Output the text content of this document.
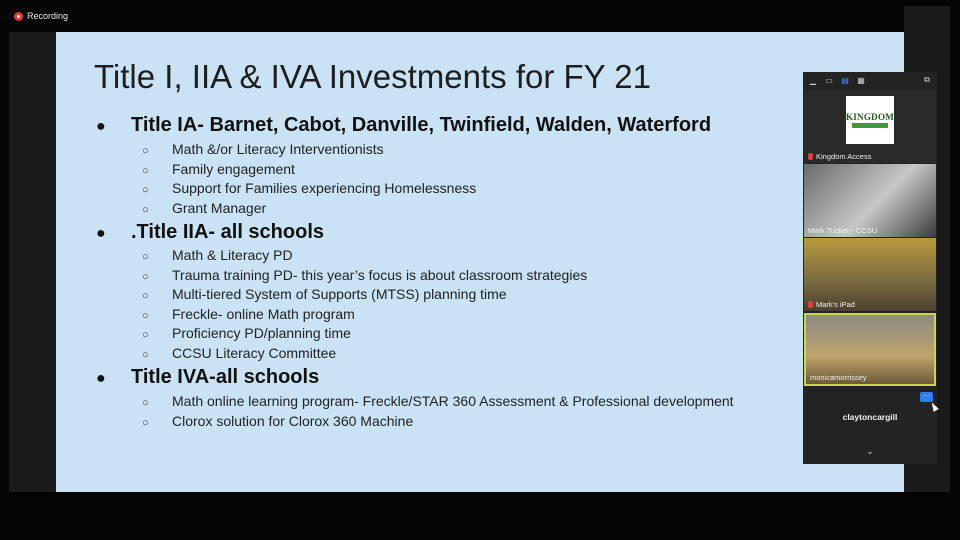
Recording
Title I, IIA & IVA Investments for FY 21
● Title IA- Barnet, Cabot, Danville, Twinfield, Walden, Waterford
○ Math &/or Literacy Interventionists
○ Family engagement
○ Support for Families experiencing Homelessness
○ Grant Manager
● .Title IIA- all schools
○ Math & Literacy PD
○ Trauma training PD- this year’s focus is about classroom strategies
○ Multi-tiered System of Supports (MTSS) planning time
○ Freckle- online Math program
○ Proficiency PD/planning time
○ CCSU Literacy Committee
● Title IVA-all schools
○ Math online learning program- Freckle/STAR 360 Assessment & Professional development
○ Clorox solution for Clorox 360 Machine
▁ ▭ ▤ ▦	⧉
KINGDOM
Kingdom Access
Mark Tucker - CCSU
Mark's iPad
monicamorrissey
claytoncargill
⌄
···
